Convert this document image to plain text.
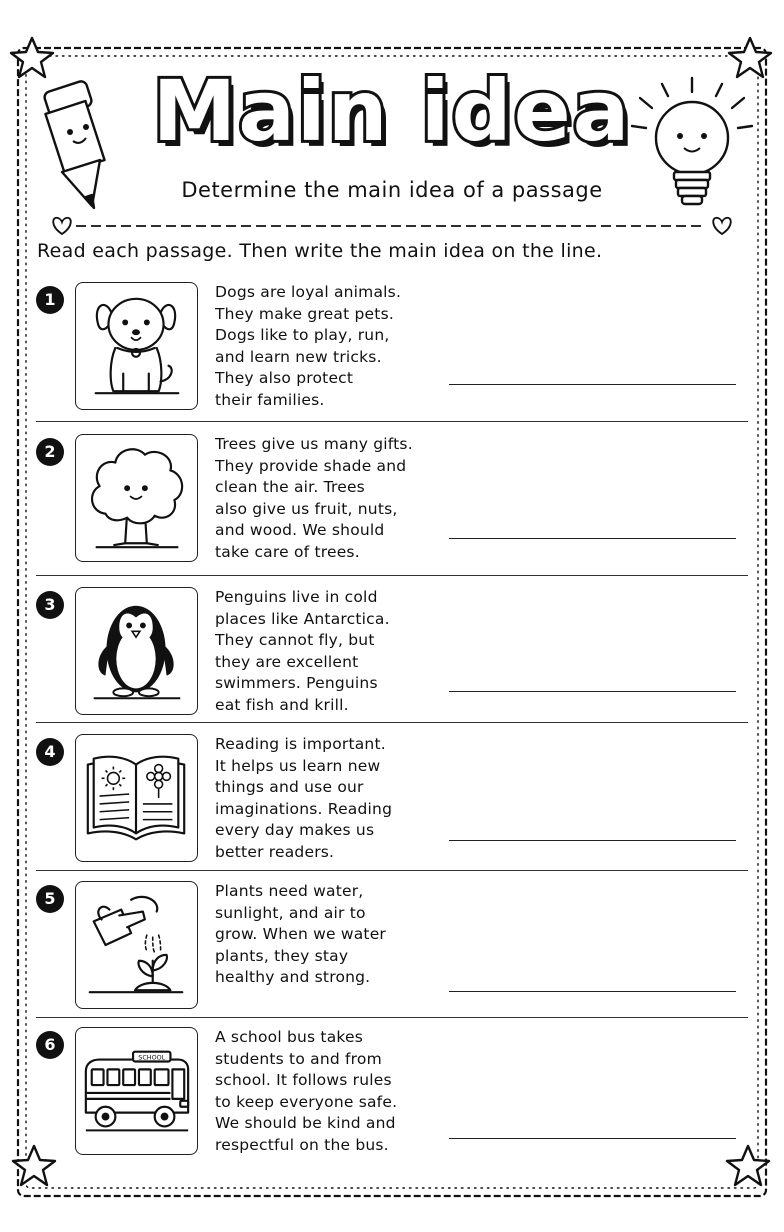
Main idea
Determine the main idea of a passage
Read each passage. Then write the main idea on the line.
1	Dogs are loyal animals.
They make great pets.
Dogs like to play, run,
and learn new tricks.
They also protect
their families.
2	Trees give us many gifts.
They provide shade and
clean the air. Trees
also give us fruit, nuts,
and wood. We should
take care of trees.
3	Penguins live in cold
places like Antarctica.
They cannot fly, but
they are excellent
swimmers. Penguins
eat fish and krill.
4	Reading is important.
It helps us learn new
things and use our
imaginations. Reading
every day makes us
better readers.
5	Plants need water,
sunlight, and air to
grow. When we water
plants, they stay
healthy and strong.
6
SCHOOL
A school bus takes
students to and from
school. It follows rules
to keep everyone safe.
We should be kind and
respectful on the bus.
